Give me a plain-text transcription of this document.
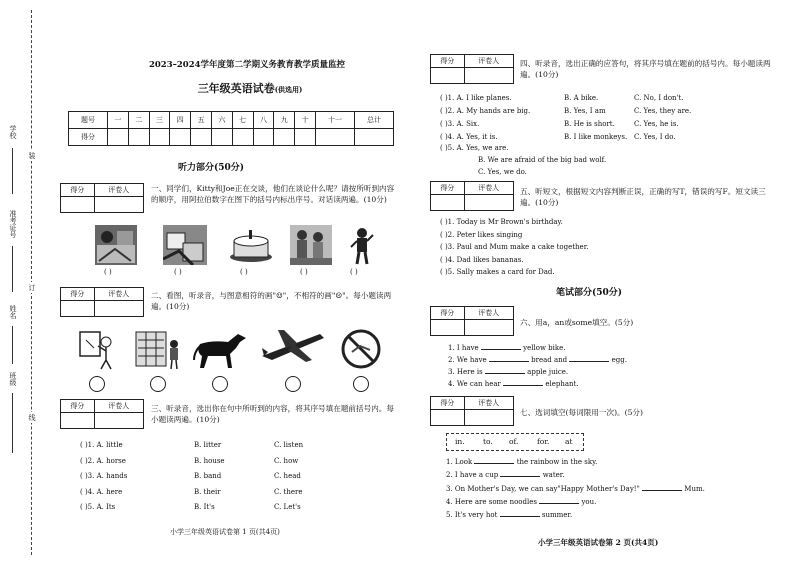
学校
准考证号
姓名
班级
装
订
线
2023–2024学年度第二学期义务教育教学质量监控
三年级英语试卷(供选用)
题号	一	二	三	四	五	六	七	八	九	十	十一	总计
得分												
听力部分(50分)
得分	评卷人
		一、同学们，Kitty和Joe正在交谈，他们在谈论什么呢？请按所听到内容的顺序，用阿拉伯数字在图下的括号内标出序号。对话读两遍。(10分)
( )	( )	( )	( )	( )
得分	评卷人
		二、看图，听录音，与图意相符的画"☺"，不相符的画"☹"。每小题读两遍。(10分)
得分	评卷人
		三、听录音，选出你在句中所听到的内容，将其序号填在题前括号内。每小题读两遍。(10分)
( )1. A. little	B. litter	C. listen
( )2. A. horse	B. house	C. how
( )3. A. hands	B. band	C. head
( )4. A. here	B. their	C. there
( )5. A. Its	B. It's	C. Let's
小学三年级英语试卷第 1 页(共4页)
得分	评卷人
		四、听录音，选出正确的应答句，将其序号填在题前的括号内。每小题读两遍。(10分)
( )1. A. I like planes.	B. A bike.	C. No, I don't.
( )2. A. My hands are big.	B. Yes, I am	C. Yes, they are.
( )3. A. Six.	B. He is short.	C. Yes, he is.
( )4. A. Yes, it is.	B. I like monkeys. C. Yes, I do.
( )5. A. Yes, we are.
B. We are afraid of the big bad wolf.
C. Yes, we do.
得分	评卷人
		五、听短文，根据短文内容判断正误，正确的写T，错误的写F。短文读三遍。(10分)
( )1. Today is Mr Brown's birthday.
( )2. Peter likes singing
( )3. Paul and Mum make a cake together.
( )4. Dad likes bananas.
( )5. Sally makes a card for Dad.
笔试部分(50分)
得分	评卷人

六、用a，an或some填空。(5分)
1. I have	yellow bike.
2. We have	bread and	egg.
3. Here is	apple juice.
4. We can hear	elephant.
得分	评卷人

七、选词填空(每词限用一次)。(5分)
in. to. of. for. at
1. Look	the rainbow in the sky.
2. I have a cup	water.
3. On Mother's Day, we can say"Happy Mother's Day!"	Mum.
4. Here are some noodles	you.
5. It's very hot	summer.
小学三年级英语试卷第 2 页(共4页)
